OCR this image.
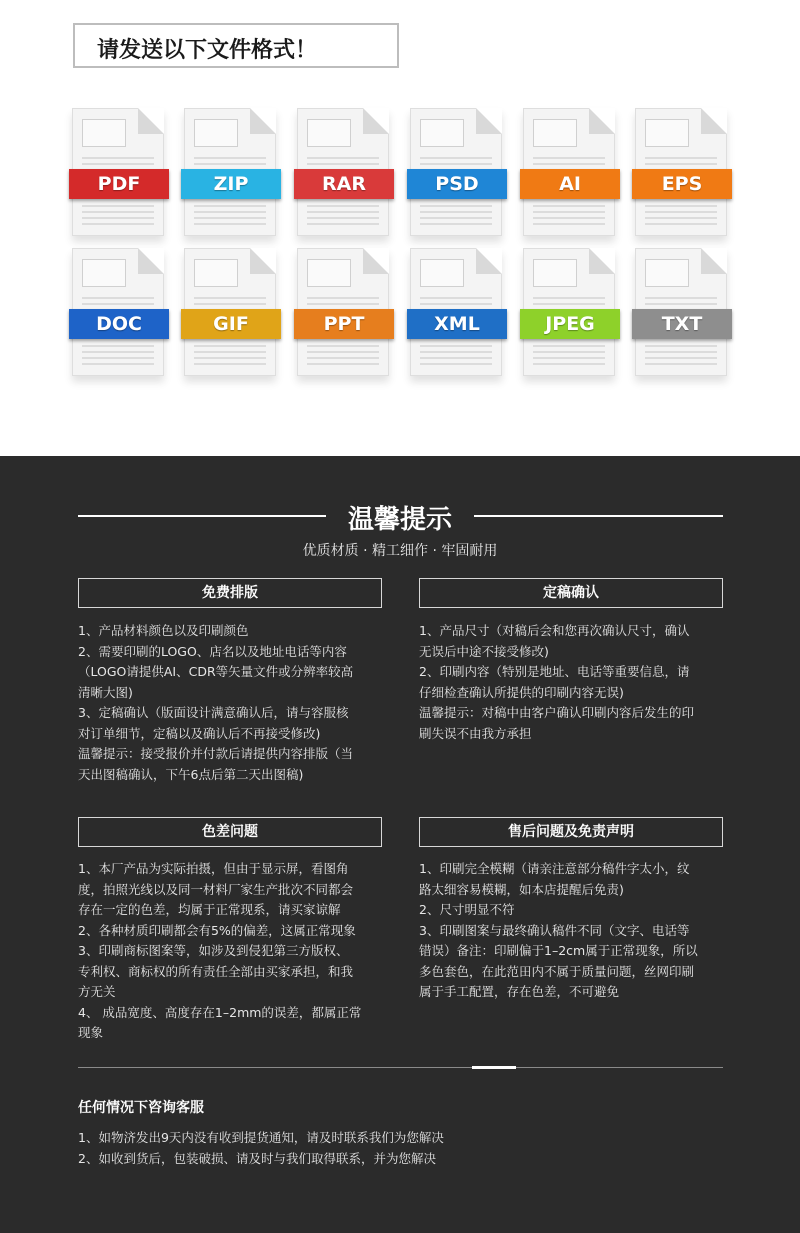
请发送以下文件格式！
PDF	ZIP	RAR	PSD	AI	EPS
DOC	GIF	PPT	XML	JPEG	TXT
温馨提示
优质材质 · 精工细作 · 牢固耐用
免费排版
1、产品材料颜色以及印刷颜色
2、需要印刷的LOGO、店名以及地址电话等内容
（LOGO请提供AI、CDR等矢量文件或分辨率较高
清晰大图)
3、定稿确认（版面设计满意确认后，请与容服核
对订单细节，定稿以及确认后不再接受修改)
温馨提示：接受报价并付款后请提供内容排版（当
天出图稿确认，下午6点后第二天出图稿)
定稿确认
1、产品尺寸（对稿后会和您再次确认尺寸，确认
无误后中途不接受修改)
2、印刷内容（特别是地址、电话等重要信息，请
仔细检查确认所提供的印刷内容无误)
温馨提示：对稿中由客户确认印刷内容后发生的印
刷失误不由我方承担
色差问题
1、本厂产品为实际拍摄，但由于显示屏，看图角
度，拍照光线以及同一材料厂家生产批次不同都会
存在一定的色差，均属于正常现系，请买家谅解
2、各种材质印刷都会有5%的偏差，这属正常现象
3、印刷商标图案等，如涉及到侵犯第三方版权、
专利权、商标权的所有责任全部由买家承担，和我
方无关
4、 成品宽度、高度存在1–2mm的误差，都属正常
现象
售后问题及免责声明
1、印刷完全模糊（请亲注意部分稿件字太小，纹
路太细容易模糊，如本店提醒后免责)
2、尺寸明显不符
3、印刷图案与最终确认稿件不同（文字、电话等
错误）备注：印刷偏于1–2cm属于正常现象，所以
多色套色，在此范田内不属于质量问题，丝网印刷
属于手工配置，存在色差，不可避免
任何情况下咨询客服
1、如物济发出9天内没有收到提货通知，请及时联系我们为您解决
2、如收到货后，包装破损、请及时与我们取得联系，并为您解决
